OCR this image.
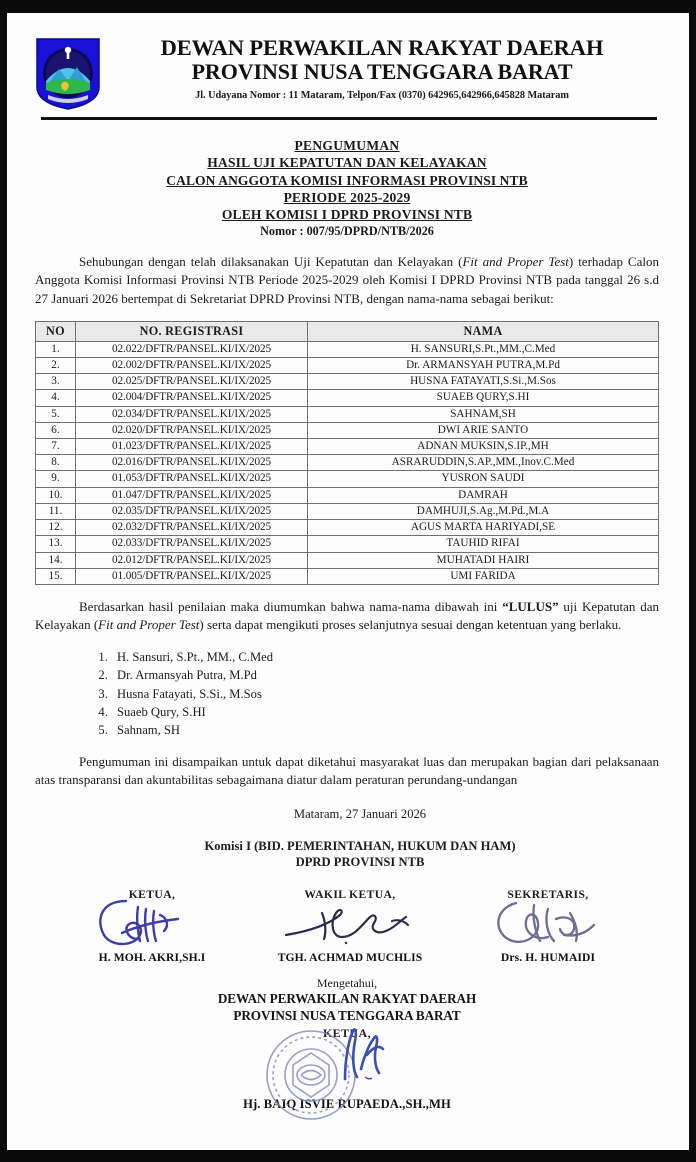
DEWAN PERWAKILAN RAKYAT DAERAH
PROVINSI NUSA TENGGARA BARAT
Jl. Udayana Nomor : 11 Mataram, Telpon/Fax (0370) 642965,642966,645828 Mataram
PENGUMUMAN
HASIL UJI KEPATUTAN DAN KELAYAKAN
CALON ANGGOTA KOMISI INFORMASI PROVINSI NTB
PERIODE 2025-2029
OLEH KOMISI I DPRD PROVINSI NTB
Nomor : 007/95/DPRD/NTB/2026

Sehubungan dengan telah dilaksanakan Uji Kepatutan dan Kelayakan (Fit and Proper Test) terhadap Calon Anggota Komisi Informasi Provinsi NTB Periode 2025-2029 oleh Komisi I DPRD Provinsi NTB pada tanggal 26 s.d 27 Januari 2026 bertempat di Sekretariat DPRD Provinsi NTB, dengan nama-nama sebagai berikut:

NO	NO. REGISTRASI	NAMA
1.	02.022/DFTR/PANSEL.KI/IX/2025	H. SANSURI,S.Pt.,MM.,C.Med
2.	02.002/DFTR/PANSEL.KI/IX/2025	Dr. ARMANSYAH PUTRA,M.Pd
3.	02.025/DFTR/PANSEL.KI/IX/2025	HUSNA FATAYATI,S.Si.,M.Sos
4.	02.004/DFTR/PANSEL.KI/IX/2025	SUAEB QURY,S.HI
5.	02.034/DFTR/PANSEL.KI/IX/2025	SAHNAM,SH
6.	02.020/DFTR/PANSEL.KI/IX/2025	DWI ARIE SANTO
7.	01.023/DFTR/PANSEL.KI/IX/2025	ADNAN MUKSIN,S.IP.,MH
8.	02.016/DFTR/PANSEL.KI/IX/2025	ASRARUDDIN,S.AP.,MM.,Inov.C.Med
9.	01.053/DFTR/PANSEL.KI/IX/2025	YUSRON SAUDI
10.	01.047/DFTR/PANSEL.KI/IX/2025	DAMRAH
11.	02.035/DFTR/PANSEL.KI/IX/2025	DAMHUJI,S.Ag.,M.Pd.,M.A
12.	02.032/DFTR/PANSEL.KI/IX/2025	AGUS MARTA HARIYADI,SE
13.	02.033/DFTR/PANSEL.KI/IX/2025	TAUHID RIFAI
14.	02.012/DFTR/PANSEL.KI/IX/2025	MUHATADI HAIRI
15.	01.005/DFTR/PANSEL.KI/IX/2025	UMI FARIDA

Berdasarkan hasil penilaian maka diumumkan bahwa nama-nama dibawah ini “LULUS” uji Kepatutan dan Kelayakan (Fit and Proper Test) serta dapat mengikuti proses selanjutnya sesuai dengan ketentuan yang berlaku.

1. H. Sansuri, S.Pt., MM., C.Med
2. Dr. Armansyah Putra, M.Pd
3. Husna Fatayati, S.Si., M.Sos
4. Suaeb Qury, S.HI
5. Sahnam, SH

Pengumuman ini disampaikan untuk dapat diketahui masyarakat luas dan merupakan bagian dari pelaksanaan atas transparansi dan akuntabilitas sebagaimana diatur dalam peraturan perundang-undangan

Mataram, 27 Januari 2026
Komisi I (BID. PEMERINTAHAN, HUKUM DAN HAM)
DPRD PROVINSI NTB
KETUA,
H. MOH. AKRI,SH.I
WAKIL KETUA,
TGH. ACHMAD MUCHLIS
SEKRETARIS,
Drs. H. HUMAIDI
Mengetahui,
DEWAN PERWAKILAN RAKYAT DAERAH
PROVINSI NUSA TENGGARA BARAT
KETUA,
Hj. BAIQ ISVIE RUPAEDA.,SH.,MH
